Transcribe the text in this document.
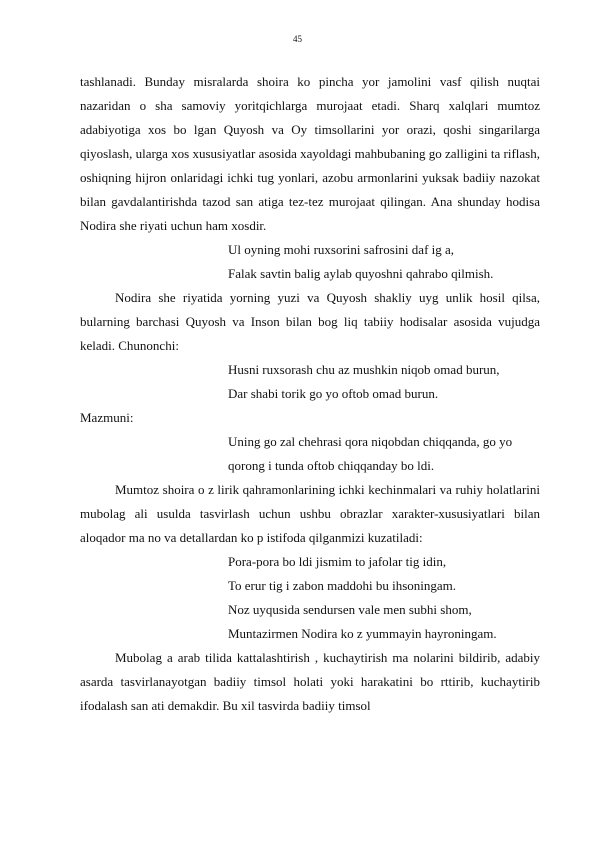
45

tashlanadi. Bunday misralarda shoira ko pincha yor jamolini vasf qilish nuqtai nazaridan o sha samoviy yoritqichlarga murojaat etadi. Sharq xalqlari mumtoz adabiyotiga xos bo lgan Quyosh va Oy timsollarini yor orazi, qoshi singarilarga qiyoslash, ularga xos xususiyatlar asosida xayoldagi mahbubaning go zalligini ta riflash, oshiqning hijron onlaridagi ichki tug yonlari, azobu armonlarini yuksak badiiy nazokat bilan gavdalantirishda tazod san atiga tez-tez murojaat qilingan. Ana shunday hodisa Nodira she riyati uchun ham xosdir.

Ul oyning mohi ruxsorini safrosini daf ig a,

Falak savtin balig aylab quyoshni qahrabo qilmish.

Nodira she riyatida yorning yuzi va Quyosh shakliy uyg unlik hosil qilsa, bularning barchasi Quyosh va Inson bilan bog liq tabiiy hodisalar asosida vujudga keladi. Chunonchi:

Husni ruxsorash chu az mushkin niqob omad burun,

Dar shabi torik go yo oftob omad burun.

Mazmuni:

Uning go zal chehrasi qora niqobdan chiqqanda, go yo

qorong i tunda oftob chiqqanday bo ldi.

Mumtoz shoira o z lirik qahramonlarining ichki kechinmalari va ruhiy holatlarini mubolag ali usulda tasvirlash uchun ushbu obrazlar xarakter-xususiyatlari bilan aloqador ma no va detallardan ko p istifoda qilganmizi kuzatiladi:

Pora-pora bo ldi jismim to jafolar tig idin,

To erur tig i zabon maddohi bu ihsoningam.

Noz uyqusida sendursen vale men subhi shom,

Muntazirmen Nodira ko z yummayin hayroningam.

Mubolag a arab tilida kattalashtirish , kuchaytirish ma nolarini bildirib, adabiy asarda tasvirlanayotgan badiiy timsol holati yoki harakatini bo rttirib, kuchaytirib ifodalash san ati demakdir. Bu xil tasvirda badiiy timsol
